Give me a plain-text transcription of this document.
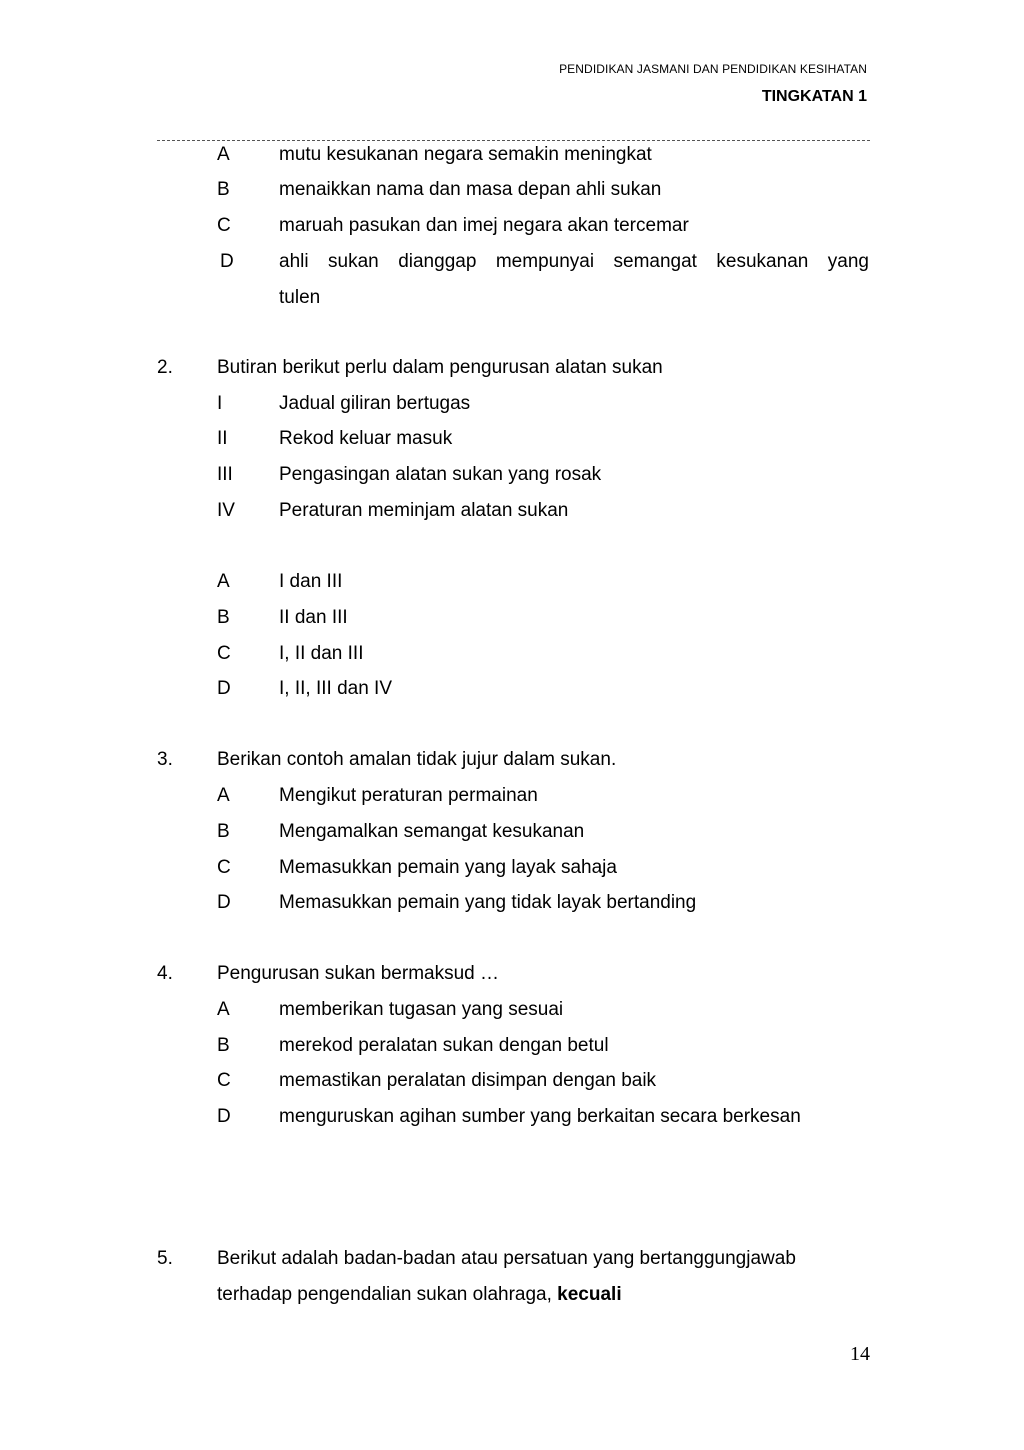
PENDIDIKAN JASMANI DAN PENDIDIKAN KESIHATAN
TINGKATAN 1
A	mutu kesukanan negara semakin meningkat
B	menaikkan nama dan masa depan ahli sukan
C	maruah pasukan dan imej negara akan tercemar
D ahli sukan dianggap mempunyai semangat kesukanan yang
tulen
2. Butiran berikut perlu dalam pengurusan alatan sukan
I	Jadual giliran bertugas
II	Rekod keluar masuk
III Pengasingan alatan sukan yang rosak
IV Peraturan meminjam alatan sukan
A	I dan III
B	II dan III
C	I, II dan III
D	I, II, III dan IV
3. Berikan contoh amalan tidak jujur dalam sukan.
A	Mengikut peraturan permainan
B	Mengamalkan semangat kesukanan
C	Memasukkan pemain yang layak sahaja
D	Memasukkan pemain yang tidak layak bertanding
4. Pengurusan sukan bermaksud …
A	memberikan tugasan yang sesuai
B	merekod peralatan sukan dengan betul
C	memastikan peralatan disimpan dengan baik
D	menguruskan agihan sumber yang berkaitan secara berkesan
5. Berikut adalah badan-badan atau persatuan yang bertanggungjawab
terhadap pengendalian sukan olahraga, kecuali
14
